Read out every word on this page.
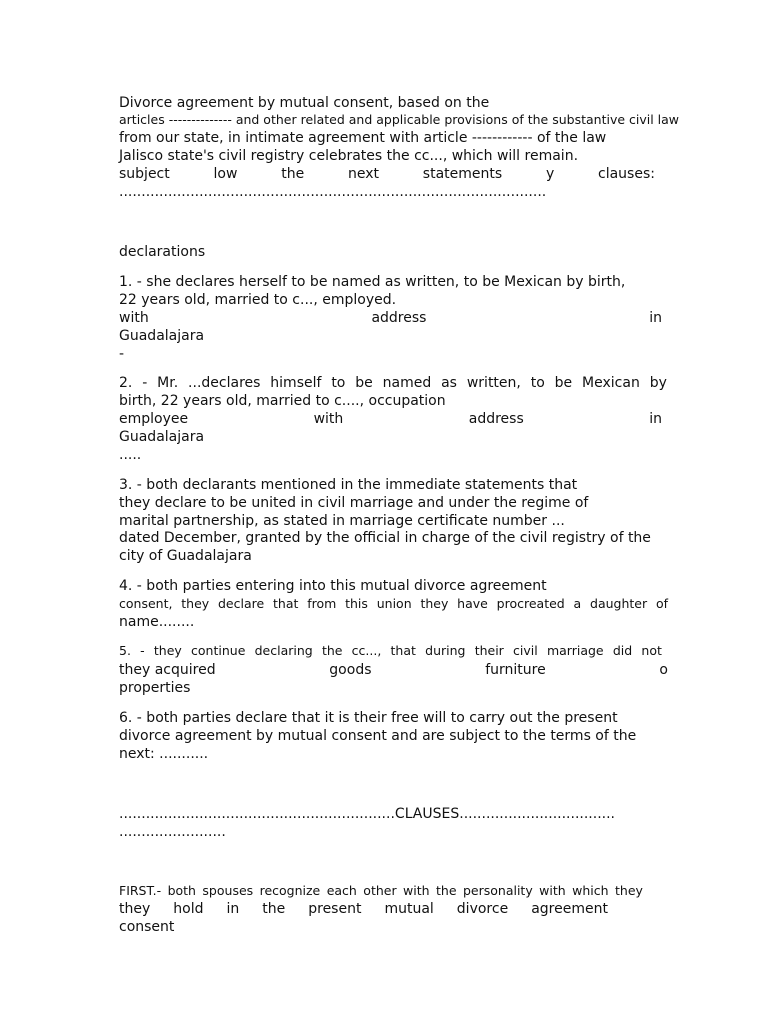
Divorce agreement by mutual consent, based on the
articles -------------- and other related and applicable provisions of the substantive civil law
from our state, in intimate agreement with article ------------ of the law
Jalisco state's civil registry celebrates the cc..., which will remain.
subject	low	the	next	statements	y	clauses:
................................................................................................
declarations
1. - she declares herself to be named as written, to be Mexican by birth,
22 years old, married to c..., employed.
with	address	in
Guadalajara
-
2. - Mr. ...declares himself to be named as written, to be Mexican by
birth, 22 years old, married to c...., occupation
employee	with	address	in
Guadalajara
.....
3. - both declarants mentioned in the immediate statements that
they declare to be united in civil marriage and under the regime of
marital partnership, as stated in marriage certificate number ...
dated December, granted by the official in charge of the civil registry of the
city of Guadalajara
4. - both parties entering into this mutual divorce agreement
consent, they declare that from this union they have procreated a daughter of
name........
5. - they continue declaring the cc..., that during their civil marriage did not
they acquired	goods	furniture	o
properties
6. - both parties declare that it is their free will to carry out the present
divorce agreement by mutual consent and are subject to the terms of the
next: ...........
..............................................................CLAUSES...................................
........................
FIRST.- both spouses recognize each other with the personality with which they
they hold in the present mutual divorce agreement
consent
